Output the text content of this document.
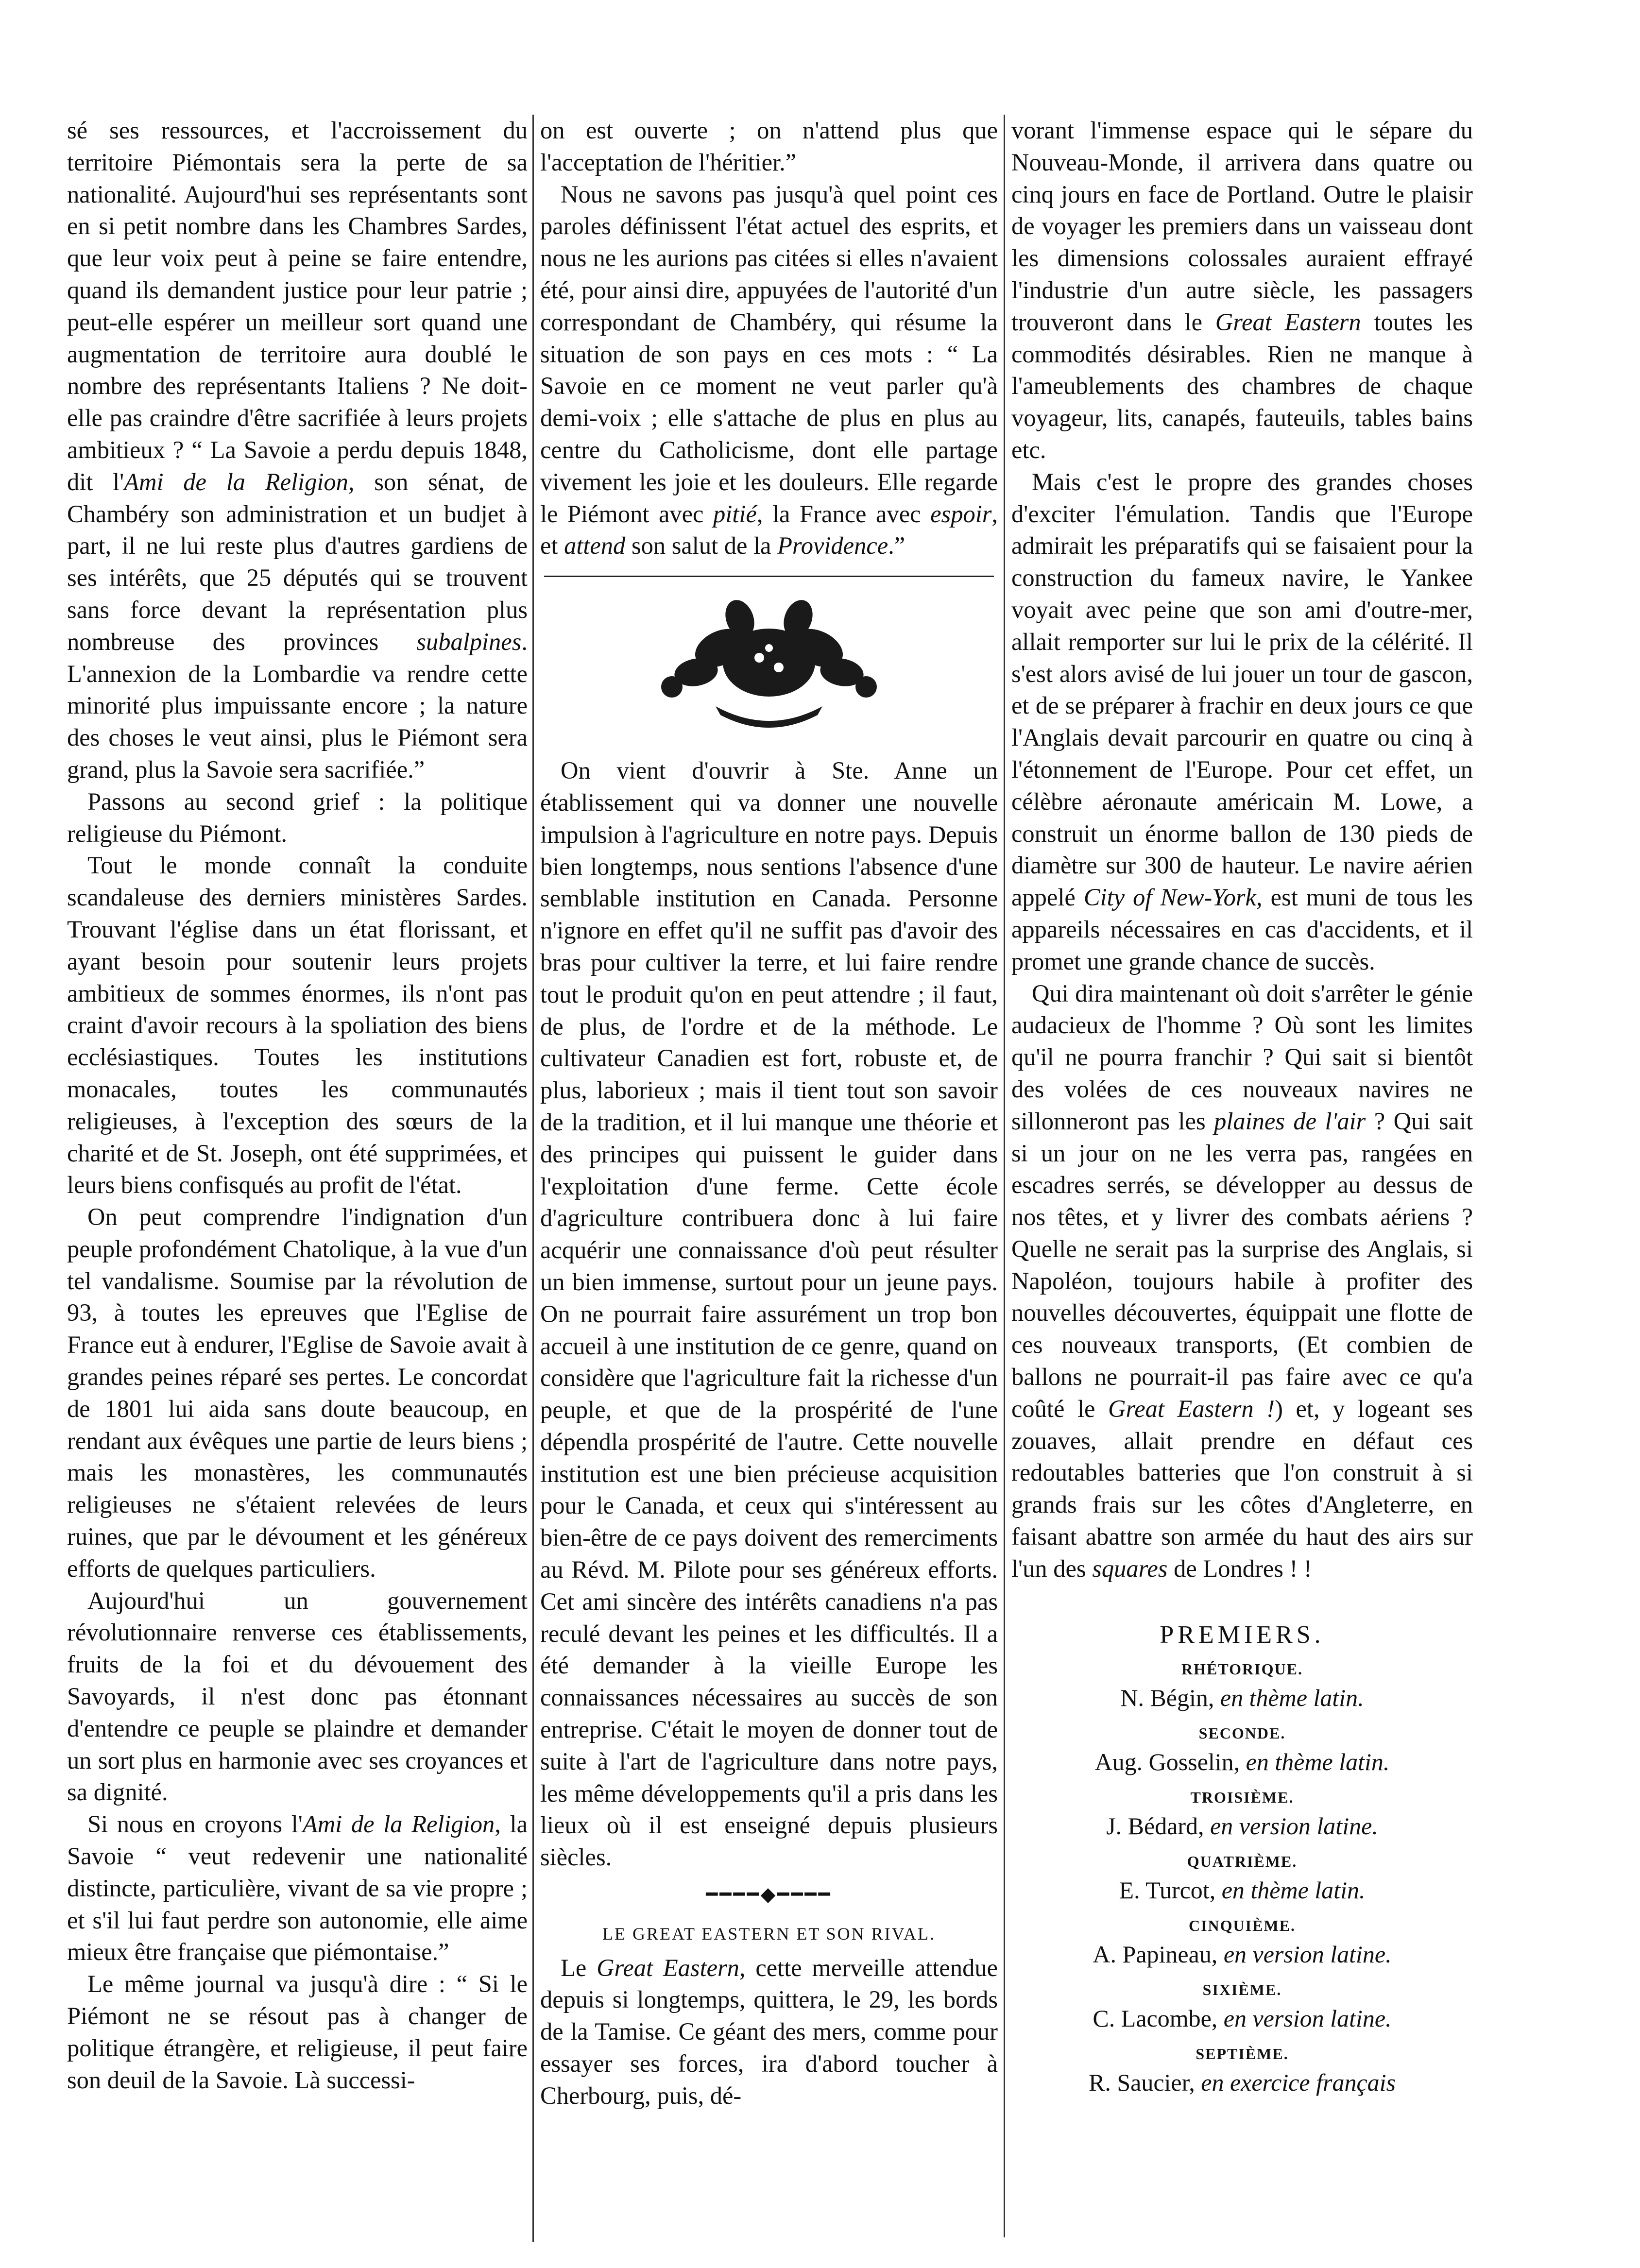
sé ses ressources, et l'accroissement du territoire Piémontais sera la perte de sa nationalité. Aujourd'hui ses représentants sont en si petit nombre dans les Chambres Sardes, que leur voix peut à peine se faire entendre, quand ils demandent justice pour leur patrie ; peut-elle espérer un meilleur sort quand une augmentation de territoire aura doublé le nombre des représentants Italiens ? Ne doit-elle pas craindre d'être sacrifiée à leurs projets ambitieux ? “ La Savoie a perdu depuis 1848, dit l'Ami de la Religion, son sénat, de Chambéry son administration et un budjet à part, il ne lui reste plus d'autres gardiens de ses intérêts, que 25 députés qui se trouvent sans force devant la représentation plus nombreuse des provinces subalpines. L'annexion de la Lombardie va rendre cette minorité plus impuissante encore ; la nature des choses le veut ainsi, plus le Piémont sera grand, plus la Savoie sera sacrifiée.”

Passons au second grief : la politique religieuse du Piémont.

Tout le monde connaît la conduite scandaleuse des derniers ministères Sardes. Trouvant l'église dans un état florissant, et ayant besoin pour soutenir leurs projets ambitieux de sommes énormes, ils n'ont pas craint d'avoir recours à la spoliation des biens ecclésiastiques. Toutes les institutions monacales, toutes les communautés religieuses, à l'exception des sœurs de la charité et de St. Joseph, ont été supprimées, et leurs biens confisqués au profit de l'état.

On peut comprendre l'indignation d'un peuple profondément Chatolique, à la vue d'un tel vandalisme. Soumise par la révolution de 93, à toutes les epreuves que l'Eglise de France eut à endurer, l'Eglise de Savoie avait à grandes peines réparé ses pertes. Le concordat de 1801 lui aida sans doute beaucoup, en rendant aux évêques une partie de leurs biens ; mais les monastères, les communautés religieuses ne s'étaient relevées de leurs ruines, que par le dévoument et les généreux efforts de quelques particuliers.

Aujourd'hui un gouvernement révolutionnaire renverse ces établissements, fruits de la foi et du dévouement des Savoyards, il n'est donc pas étonnant d'entendre ce peuple se plaindre et demander un sort plus en harmonie avec ses croyances et sa dignité.

Si nous en croyons l'Ami de la Religion, la Savoie “ veut redevenir une nationalité distincte, particulière, vivant de sa vie propre ; et s'il lui faut perdre son autonomie, elle aime mieux être française que piémontaise.”

Le même journal va jusqu'à dire : “ Si le Piémont ne se résout pas à changer de politique étrangère, et religieuse, il peut faire son deuil de la Savoie. Là successi-

on est ouverte ; on n'attend plus que l'acceptation de l'héritier.”

Nous ne savons pas jusqu'à quel point ces paroles définissent l'état actuel des esprits, et nous ne les aurions pas citées si elles n'avaient été, pour ainsi dire, appuyées de l'autorité d'un correspondant de Chambéry, qui résume la situation de son pays en ces mots : “ La Savoie en ce moment ne veut parler qu'à demi-voix ; elle s'attache de plus en plus au centre du Catholicisme, dont elle partage vivement les joie et les douleurs. Elle regarde le Piémont avec pitié, la France avec espoir, et attend son salut de la Providence.”

On vient d'ouvrir à Ste. Anne un établissement qui va donner une nouvelle impulsion à l'agriculture en notre pays. Depuis bien longtemps, nous sentions l'absence d'une semblable institution en Canada. Personne n'ignore en effet qu'il ne suffit pas d'avoir des bras pour cultiver la terre, et lui faire rendre tout le produit qu'on en peut attendre ; il faut, de plus, de l'ordre et de la méthode. Le cultivateur Canadien est fort, robuste et, de plus, laborieux ; mais il tient tout son savoir de la tradition, et il lui manque une théorie et des principes qui puissent le guider dans l'exploitation d'une ferme. Cette école d'agriculture contribuera donc à lui faire acquérir une connaissance d'où peut résulter un bien immense, surtout pour un jeune pays. On ne pourrait faire assurément un trop bon accueil à une institution de ce genre, quand on considère que l'agriculture fait la richesse d'un peuple, et que de la prospérité de l'une dépendla prospérité de l'autre. Cette nouvelle institution est une bien précieuse acquisition pour le Canada, et ceux qui s'intéressent au bien-être de ce pays doivent des remerciments au Révd. M. Pilote pour ses généreux efforts. Cet ami sincère des intérêts canadiens n'a pas reculé devant les peines et les difficultés. Il a été demander à la vieille Europe les connaissances nécessaires au succès de son entreprise. C'était le moyen de donner tout de suite à l'art de l'agriculture dans notre pays, les même développements qu'il a pris dans les lieux où il est enseigné depuis plusieurs siècles.

━━━━◆━━━━
LE GREAT EASTERN ET SON RIVAL.

Le Great Eastern, cette merveille attendue depuis si longtemps, quittera, le 29, les bords de la Tamise. Ce géant des mers, comme pour essayer ses forces, ira d'abord toucher à Cherbourg, puis, dé-

vorant l'immense espace qui le sépare du Nouveau-Monde, il arrivera dans quatre ou cinq jours en face de Portland. Outre le plaisir de voyager les premiers dans un vaisseau dont les dimensions colossales auraient effrayé l'industrie d'un autre siècle, les passagers trouveront dans le Great Eastern toutes les commodités désirables. Rien ne manque à l'ameublements des chambres de chaque voyageur, lits, canapés, fauteuils, tables bains etc.

Mais c'est le propre des grandes choses d'exciter l'émulation. Tandis que l'Europe admirait les préparatifs qui se faisaient pour la construction du fameux navire, le Yankee voyait avec peine que son ami d'outre-mer, allait remporter sur lui le prix de la célérité. Il s'est alors avisé de lui jouer un tour de gascon, et de se préparer à frachir en deux jours ce que l'Anglais devait parcourir en quatre ou cinq à l'étonnement de l'Europe. Pour cet effet, un célèbre aéronaute américain M. Lowe, a construit un énorme ballon de 130 pieds de diamètre sur 300 de hauteur. Le navire aérien appelé City of New-York, est muni de tous les appareils nécessaires en cas d'accidents, et il promet une grande chance de succès.

Qui dira maintenant où doit s'arrêter le génie audacieux de l'homme ? Où sont les limites qu'il ne pourra franchir ? Qui sait si bientôt des volées de ces nouveaux navires ne sillonneront pas les plaines de l'air ? Qui sait si un jour on ne les verra pas, rangées en escadres serrés, se développer au dessus de nos têtes, et y livrer des combats aériens ? Quelle ne serait pas la surprise des Anglais, si Napoléon, toujours habile à profiter des nouvelles découvertes, équippait une flotte de ces nouveaux transports, (Et combien de ballons ne pourrait-il pas faire avec ce qu'a coûté le Great Eastern !) et, y logeant ses zouaves, allait prendre en défaut ces redoutables batteries que l'on construit à si grands frais sur les côtes d'Angleterre, en faisant abattre son armée du haut des airs sur l'un des squares de Londres ! !

PREMIERS.
RHÉTORIQUE.
N. Bégin, en thème latin.
SECONDE.
Aug. Gosselin, en thème latin.
TROISIÈME.
J. Bédard, en version latine.
QUATRIÈME.
E. Turcot, en thème latin.
CINQUIÈME.
A. Papineau, en version latine.
SIXIÈME.
C. Lacombe, en version latine.
SEPTIÈME.
R. Saucier, en exercice français
